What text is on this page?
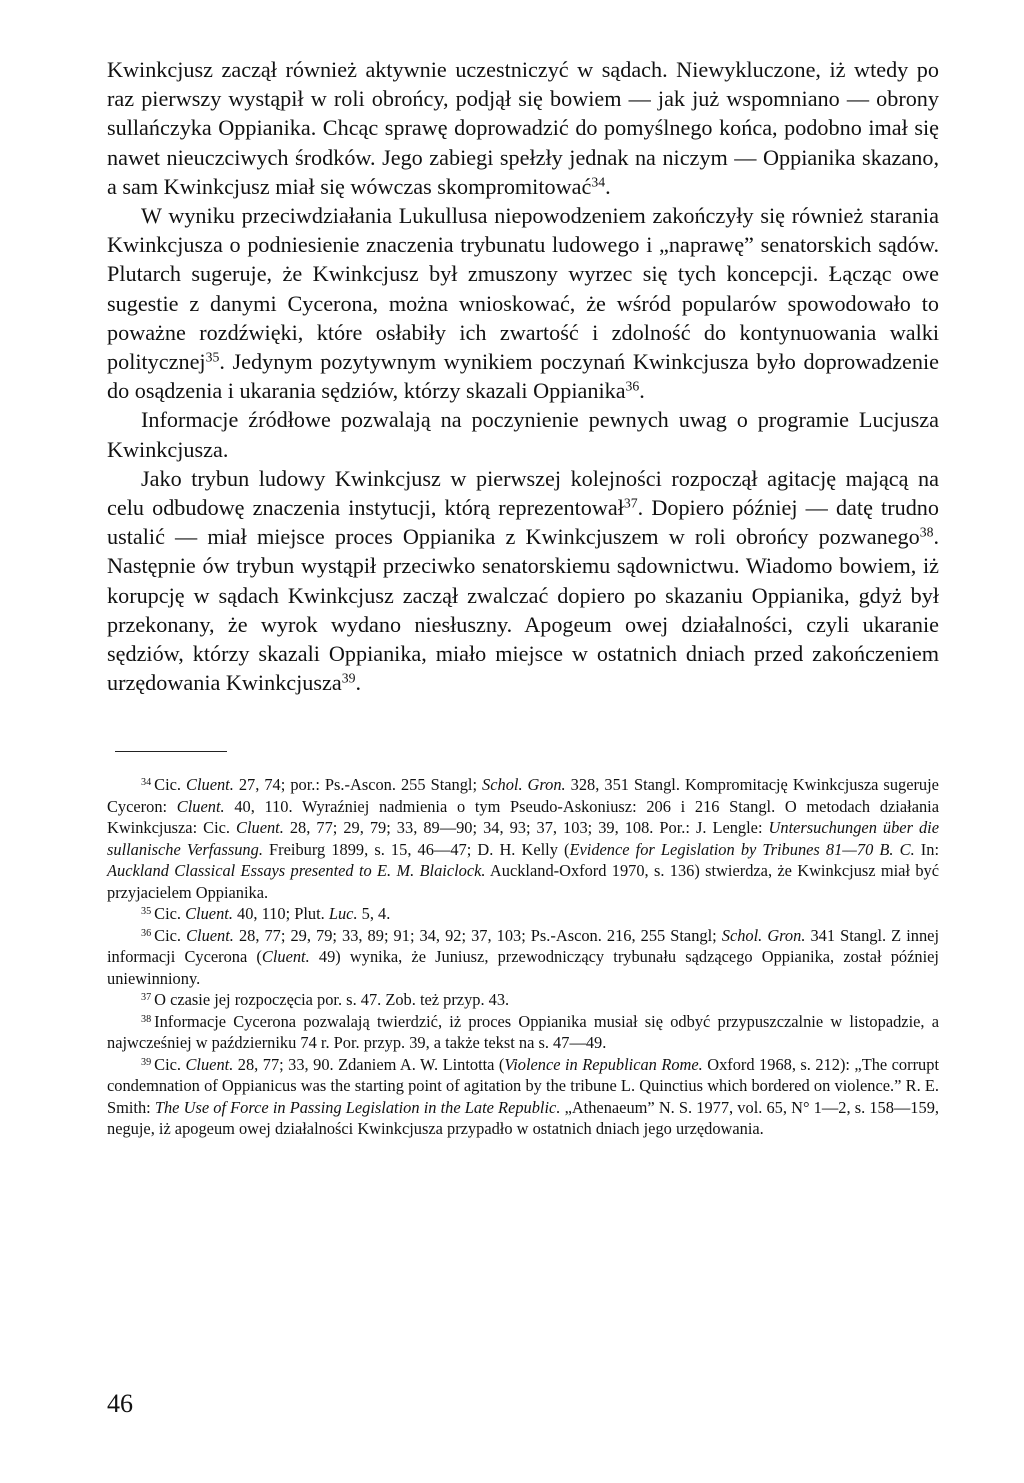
Kwinkcjusz zaczął również aktywnie uczestniczyć w sądach. Niewykluczone, iż wtedy po raz pierwszy wystąpił w roli obrońcy, podjął się bowiem — jak już wspomniano — obrony sullańczyka Oppianika. Chcąc sprawę doprowadzić do pomyślnego końca, podobno imał się nawet nieuczciwych środków. Jego zabiegi spełzły jednak na niczym — Oppianika skazano, a sam Kwinkcjusz miał się wówczas skompromitować$^{34}$.

W wyniku przeciwdziałania Lukullusa niepowodzeniem zakończyły się również starania Kwinkcjusza o podniesienie znaczenia trybunatu ludowego i „naprawę” senatorskich sądów. Plutarch sugeruje, że Kwinkcjusz był zmuszony wyrzec się tych koncepcji. Łącząc owe sugestie z danymi Cycerona, można wnioskować, że wśród popularów spowodowało to poważne rozdźwięki, które osłabiły ich zwartość i zdolność do kontynuowania walki politycznej$^{35}$. Jedynym pozytywnym wynikiem poczynań Kwinkcjusza było doprowadzenie do osądzenia i ukarania sędziów, którzy skazali Oppianika$^{36}$.

Informacje źródłowe pozwalają na poczynienie pewnych uwag o programie Lucjusza Kwinkcjusza.

Jako trybun ludowy Kwinkcjusz w pierwszej kolejności rozpoczął agitację mającą na celu odbudowę znaczenia instytucji, którą reprezentował$^{37}$. Dopiero później — datę trudno ustalić — miał miejsce proces Oppianika z Kwinkcjuszem w roli obrońcy pozwanego$^{38}$. Następnie ów trybun wystąpił przeciwko senatorskiemu sądownictwu. Wiadomo bowiem, iż korupcję w sądach Kwinkcjusz zaczął zwalczać dopiero po skazaniu Oppianika, gdyż był przekonany, że wyrok wydano niesłuszny. Apogeum owej działalności, czyli ukaranie sędziów, którzy skazali Oppianika, miało miejsce w ostatnich dniach przed zakończeniem urzędowania Kwinkcjusza$^{39}$.

$^{34}$ Cic. Cluent. 27, 74; por.: Ps.-Ascon. 255 Stangl; Schol. Gron. 328, 351 Stangl. Kompromitację Kwinkcjusza sugeruje Cyceron: Cluent. 40, 110. Wyraźniej nadmienia o tym Pseudo-Askoniusz: 206 i 216 Stangl. O metodach działania Kwinkcjusza: Cic. Cluent. 28, 77; 29, 79; 33, 89—90; 34, 93; 37, 103; 39, 108. Por.: J. Lengle: Untersuchungen über die sullanische Verfassung. Freiburg 1899, s. 15, 46—47; D. H. Kelly (Evidence for Legislation by Tribunes 81—70 B. C. In: Auckland Classical Essays presented to E. M. Blaiclock. Auckland-Oxford 1970, s. 136) stwierdza, że Kwinkcjusz miał być przyjacielem Oppianika.

$^{35}$ Cic. Cluent. 40, 110; Plut. Luc. 5, 4.

$^{36}$ Cic. Cluent. 28, 77; 29, 79; 33, 89; 91; 34, 92; 37, 103; Ps.-Ascon. 216, 255 Stangl; Schol. Gron. 341 Stangl. Z innej informacji Cycerona (Cluent. 49) wynika, że Juniusz, przewodniczący trybunału sądzącego Oppianika, został później uniewinniony.

$^{37}$ O czasie jej rozpoczęcia por. s. 47. Zob. też przyp. 43.

$^{38}$ Informacje Cycerona pozwalają twierdzić, iż proces Oppianika musiał się odbyć przypuszczalnie w listopadzie, a najwcześniej w październiku 74 r. Por. przyp. 39, a także tekst na s. 47—49.

$^{39}$ Cic. Cluent. 28, 77; 33, 90. Zdaniem A. W. Lintotta (Violence in Republican Rome. Oxford 1968, s. 212): „The corrupt condemnation of Oppianicus was the starting point of agitation by the tribune L. Quinctius which bordered on violence.” R. E. Smith: The Use of Force in Passing Legislation in the Late Republic. „Athenaeum” N. S. 1977, vol. 65, N° 1—2, s. 158—159, neguje, iż apogeum owej działalności Kwinkcjusza przypadło w ostatnich dniach jego urzędowania.

46
